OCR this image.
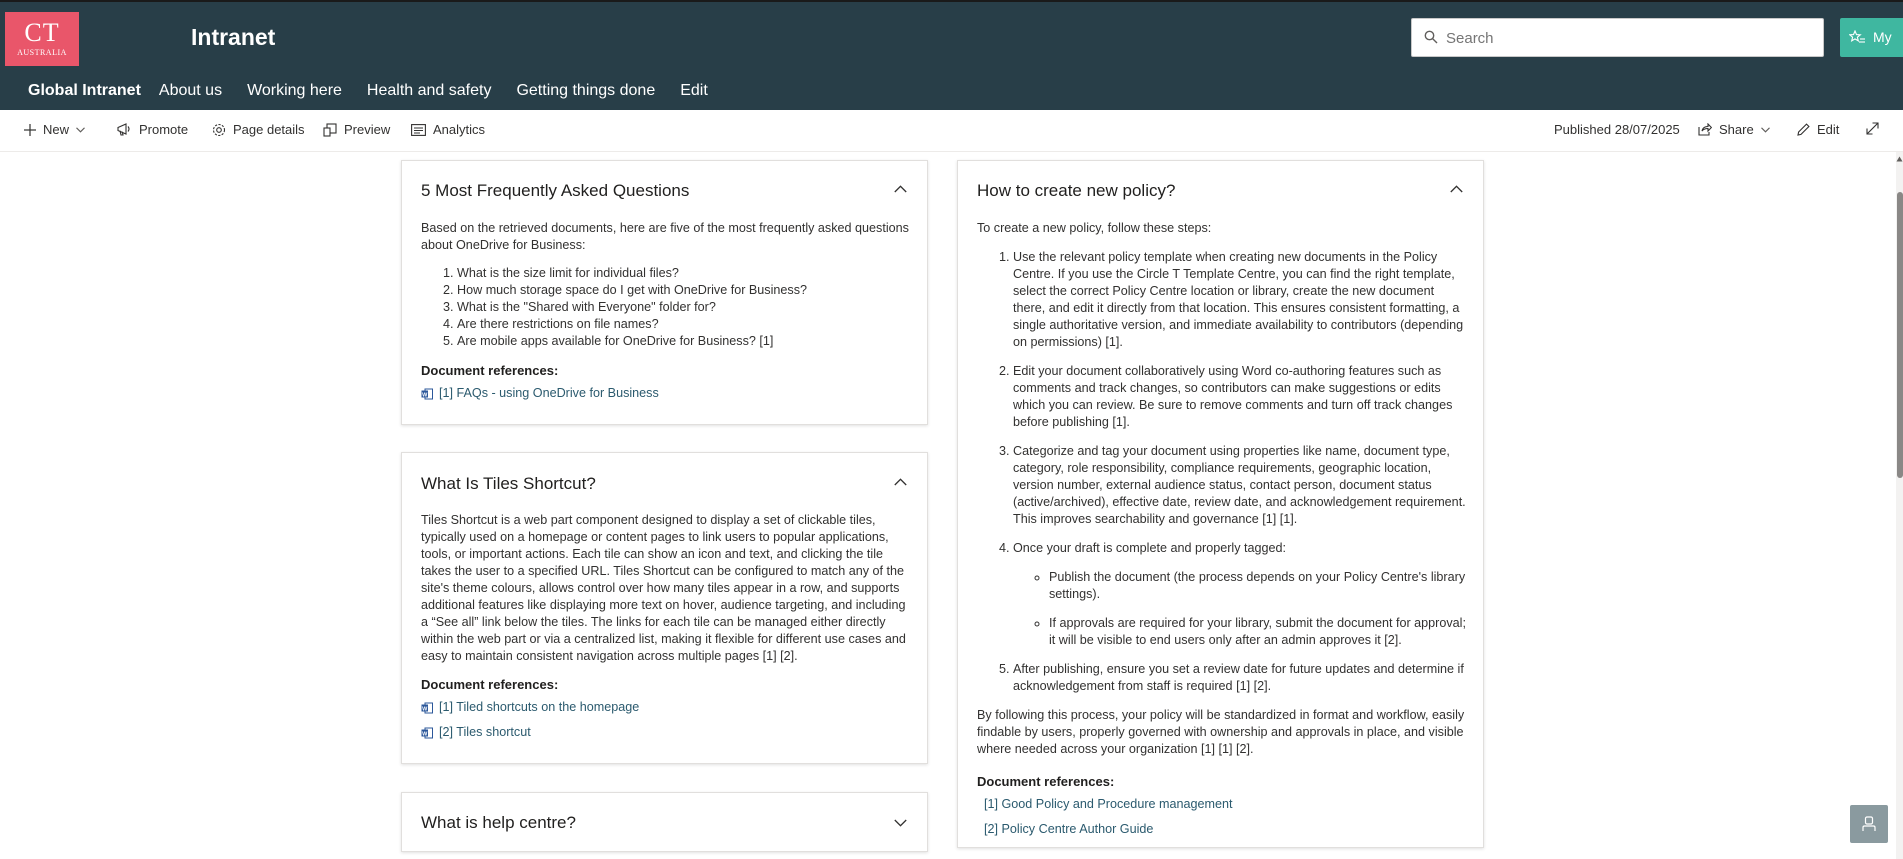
CT
AUSTRALIA
Intranet
Search	My
Global Intranet About us Working here Health and safety Getting things done Edit
New	Promote	Page details	Preview	Analytics	Published 28/07/2025	Share	Edit
5 Most Frequently Asked Questions

Based on the retrieved documents, here are five of the most frequently asked questions about OneDrive for Business:

1. What is the size limit for individual files?
2. How much storage space do I get with OneDrive for Business?
3. What is the "Shared with Everyone" folder for?
4. Are there restrictions on file names?
5. Are mobile apps available for OneDrive for Business? [1]
Document references:
W [1] FAQs - using OneDrive for Business
What Is Tiles Shortcut?

Tiles Shortcut is a web part component designed to display a set of clickable tiles, typically used on a homepage or content pages to link users to popular applications, tools, or important actions. Each tile can show an icon and text, and clicking the tile takes the user to a specified URL. Tiles Shortcut can be configured to match any of the site's theme colours, allows control over how many tiles appear in a row, and supports additional features like displaying more text on hover, audience targeting, and including a “See all” link below the tiles. The links for each tile can be managed either directly within the web part or via a centralized list, making it flexible for different use cases and easy to maintain consistent navigation across multiple pages [1] [2].

Document references:
W [1] Tiled shortcuts on the homepage
W [2] Tiles shortcut
What is help centre?
How to create new policy?

To create a new policy, follow these steps:

1. Use the relevant policy template when creating new documents in the Policy Centre. If you use the Circle T Template Centre, you can find the right template, select the correct Policy Centre location or library, create the new document there, and edit it directly from that location. This ensures consistent formatting, a single authoritative version, and immediate availability to contributors (depending on permissions) [1].
2. Edit your document collaboratively using Word co-authoring features such as comments and track changes, so contributors can make suggestions or edits which you can review. Be sure to remove comments and turn off track changes before publishing [1].
3. Categorize and tag your document using properties like name, document type, category, role responsibility, compliance requirements, geographic location, version number, external audience status, contact person, document status (active/archived), effective date, review date, and acknowledgement requirement. This improves searchability and governance [1] [1].
4. Once your draft is complete and properly tagged:
◦ Publish the document (the process depends on your Policy Centre's library settings).
◦ If approvals are required for your library, submit the document for approval; it will be visible to end users only after an admin approves it [2].
5. After publishing, ensure you set a review date for future updates and determine if acknowledgement from staff is required [1] [2].

By following this process, your policy will be standardized in format and workflow, easily findable by users, properly governed with ownership and approvals in place, and visible where needed across your organization [1] [1] [2].

Document references:
[1] Good Policy and Procedure management
[2] Policy Centre Author Guide
